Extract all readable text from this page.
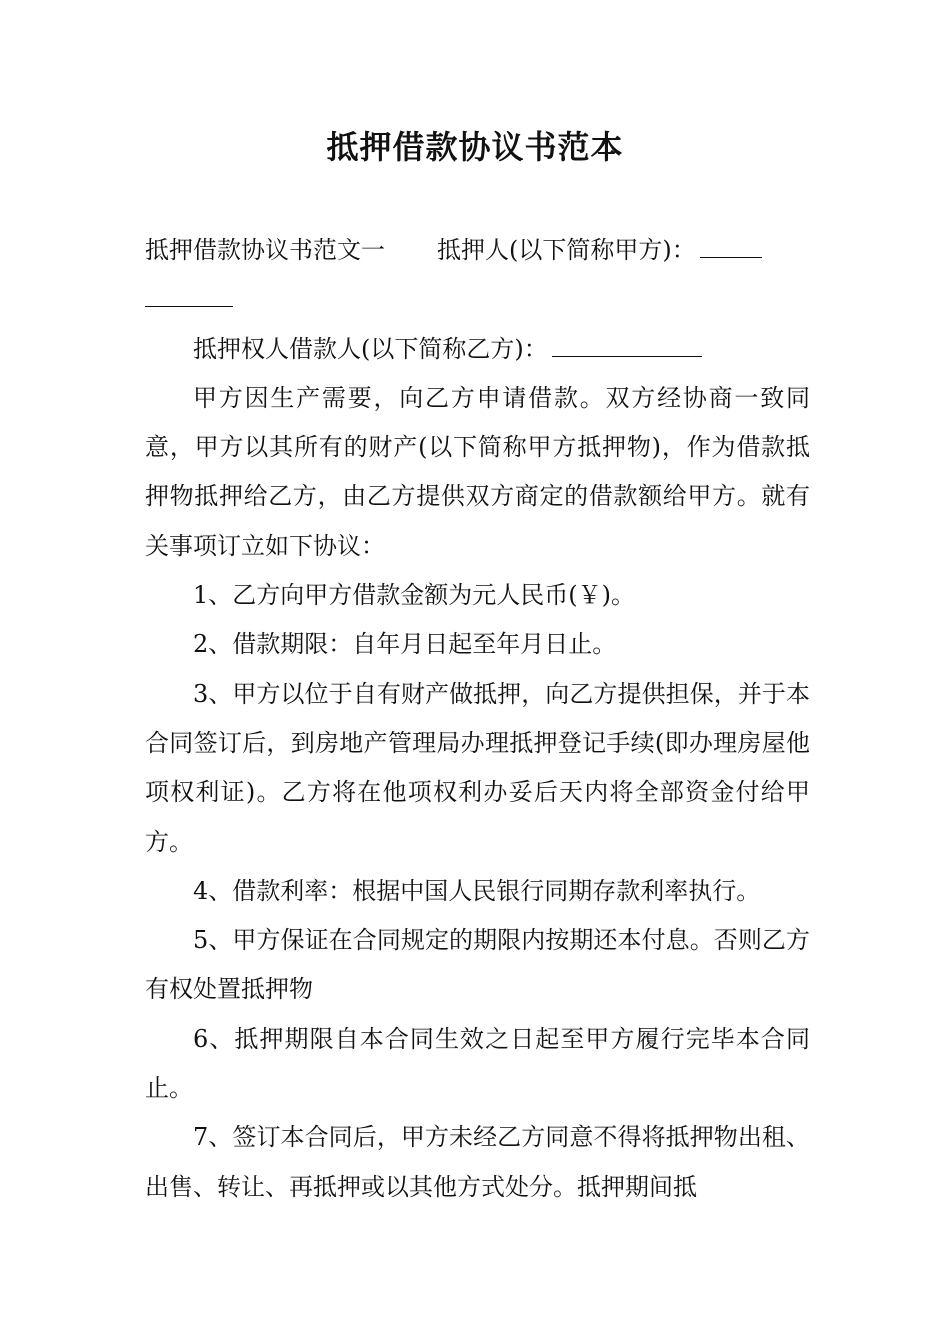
抵押借款协议书范本

抵押借款协议书范文一 抵押人(以下简称甲方)：

抵押权人借款人(以下简称乙方)：

甲方因生产需要，向乙方申请借款。双方经协商一致同意，甲方以其所有的财产(以下简称甲方抵押物)，作为借款抵押物抵押给乙方，由乙方提供双方商定的借款额给甲方。就有关事项订立如下协议：

1、乙方向甲方借款金额为元人民币(￥)。

2、借款期限：自年月日起至年月日止。

3、甲方以位于自有财产做抵押，向乙方提供担保，并于本合同签订后，到房地产管理局办理抵押登记手续(即办理房屋他项权利证)。乙方将在他项权利办妥后天内将全部资金付给甲方。

4、借款利率：根据中国人民银行同期存款利率执行。

5、甲方保证在合同规定的期限内按期还本付息。否则乙方有权处置抵押物

6、抵押期限自本合同生效之日起至甲方履行完毕本合同止。

7、签订本合同后，甲方未经乙方同意不得将抵押物出租、出售、转让、再抵押或以其他方式处分。抵押期间抵
